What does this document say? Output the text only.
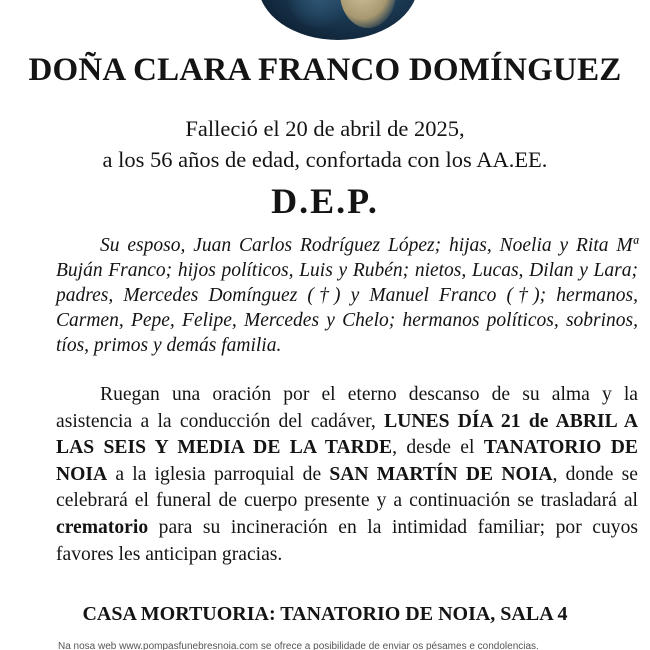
DOÑA CLARA FRANCO DOMÍNGUEZ
Falleció el 20 de abril de 2025,
a los 56 años de edad, confortada con los AA.EE.
D.E.P.

Su esposo, Juan Carlos Rodríguez López; hijas, Noelia y Rita Mª Buján Franco; hijos políticos, Luis y Rubén; nietos, Lucas, Dilan y Lara; padres, Mercedes Domínguez (†) y Manuel Franco (†); hermanos, Carmen, Pepe, Felipe, Mercedes y Chelo; hermanos políticos, sobrinos, tíos, primos y demás familia.

Ruegan una oración por el eterno descanso de su alma y la asistencia a la conducción del cadáver, LUNES DÍA 21 de ABRIL A LAS SEIS Y MEDIA DE LA TARDE, desde el TANATORIO DE NOIA a la iglesia parroquial de SAN MARTÍN DE NOIA, donde se celebrará el funeral de cuerpo presente y a continuación se trasladará al crematorio para su incineración en la intimidad familiar; por cuyos favores les anticipan gracias.

CASA MORTUORIA: TANATORIO DE NOIA, SALA 4
Na nosa web www.pompasfunebresnoia.com se ofrece a posibilidade de enviar os pésames e condolencias.
